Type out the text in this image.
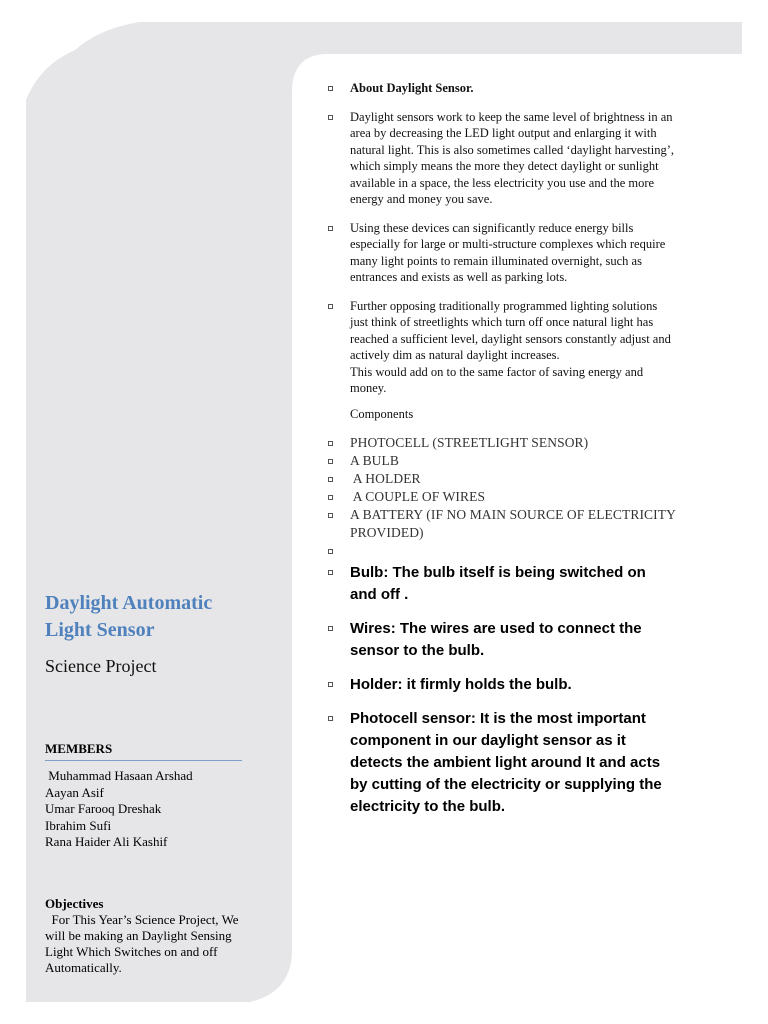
Daylight Automatic Light Sensor
Science Project
MEMBERS
Muhammad Hasaan Arshad
Aayan Asif
Umar Farooq Dreshak
Ibrahim Sufi
Rana Haider Ali Kashif
Objectives
For This Year’s Science Project, We will be making an Daylight Sensing Light Which Switches on and off Automatically.
About Daylight Sensor.
Daylight sensors work to keep the same level of brightness in an area by decreasing the LED light output and enlarging it with natural light. This is also sometimes called ‘daylight harvesting’, which simply means the more they detect daylight or sunlight available in a space, the less electricity you use and the more energy and money you save.
Using these devices can significantly reduce energy bills especially for large or multi-structure complexes which require many light points to remain illuminated overnight, such as entrances and exists as well as parking lots.
Further opposing traditionally programmed lighting solutions just think of streetlights which turn off once natural light has reached a sufficient level, daylight sensors constantly adjust and actively dim as natural daylight increases.
This would add on to the same factor of saving energy and money.
Components
PHOTOCELL (STREETLIGHT SENSOR)
A BULB
A HOLDER
A COUPLE OF WIRES
A BATTERY (IF NO MAIN SOURCE OF ELECTRICITY PROVIDED)
Bulb: The bulb itself is being switched on and off .
Wires: The wires are used to connect the sensor to the bulb.
Holder: it firmly holds the bulb.
Photocell sensor: It is the most important component in our daylight sensor as it detects the ambient light around It and acts by cutting of the electricity or supplying the electricity to the bulb.
